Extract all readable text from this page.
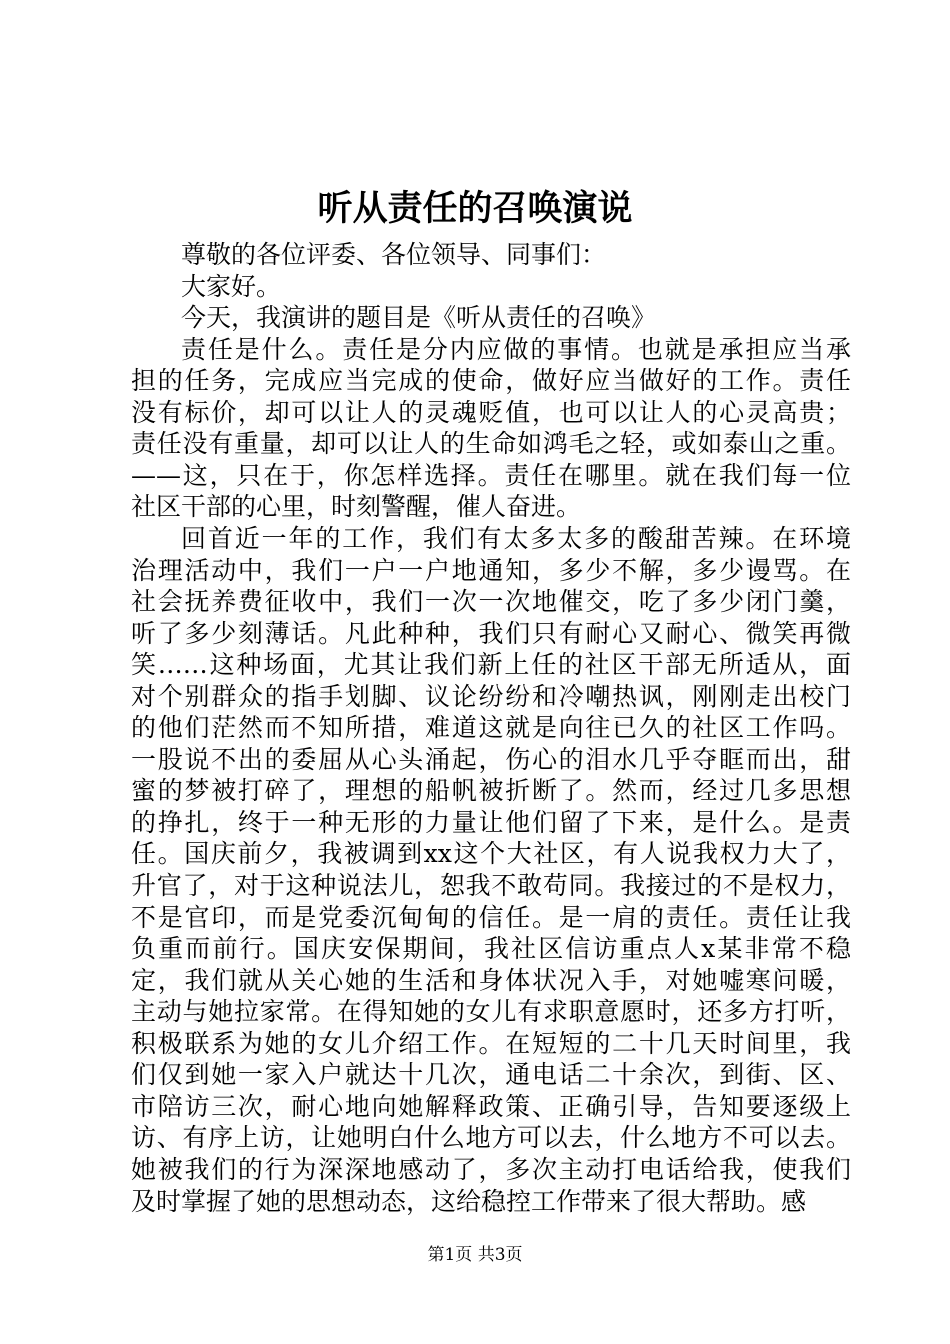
听从责任的召唤演说
尊敬的各位评委、各位领导、同事们：
大家好。
今天，我演讲的题目是《听从责任的召唤》
责任是什么。责任是分内应做的事情。也就是承担应当承
担的任务，完成应当完成的使命，做好应当做好的工作。责任
没有标价，却可以让人的灵魂贬值，也可以让人的心灵高贵；
责任没有重量，却可以让人的生命如鸿毛之轻，或如泰山之重。
——这，只在于，你怎样选择。责任在哪里。就在我们每一位
社区干部的心里，时刻警醒，催人奋进。
回首近一年的工作，我们有太多太多的酸甜苦辣。在环境
治理活动中，我们一户一户地通知，多少不解，多少谩骂。在
社会抚养费征收中，我们一次一次地催交，吃了多少闭门羹，
听了多少刻薄话。凡此种种，我们只有耐心又耐心、微笑再微
笑……这种场面，尤其让我们新上任的社区干部无所适从，面
对个别群众的指手划脚、议论纷纷和冷嘲热讽，刚刚走出校门
的他们茫然而不知所措，难道这就是向往已久的社区工作吗。
一股说不出的委屈从心头涌起，伤心的泪水几乎夺眶而出，甜
蜜的梦被打碎了，理想的船帆被折断了。然而，经过几多思想
的挣扎，终于一种无形的力量让他们留了下来，是什么。是责
任。国庆前夕，我被调到xx这个大社区，有人说我权力大了，
升官了，对于这种说法儿，恕我不敢苟同。我接过的不是权力，
不是官印，而是党委沉甸甸的信任。是一肩的责任。责任让我
负重而前行。国庆安保期间，我社区信访重点人x某非常不稳
定，我们就从关心她的生活和身体状况入手，对她嘘寒问暖，
主动与她拉家常。在得知她的女儿有求职意愿时，还多方打听，
积极联系为她的女儿介绍工作。在短短的二十几天时间里，我
们仅到她一家入户就达十几次，通电话二十余次，到街、区、
市陪访三次，耐心地向她解释政策、正确引导，告知要逐级上
访、有序上访，让她明白什么地方可以去，什么地方不可以去。
她被我们的行为深深地感动了，多次主动打电话给我，使我们
及时掌握了她的思想动态，这给稳控工作带来了很大帮助。感
第1页 共3页
